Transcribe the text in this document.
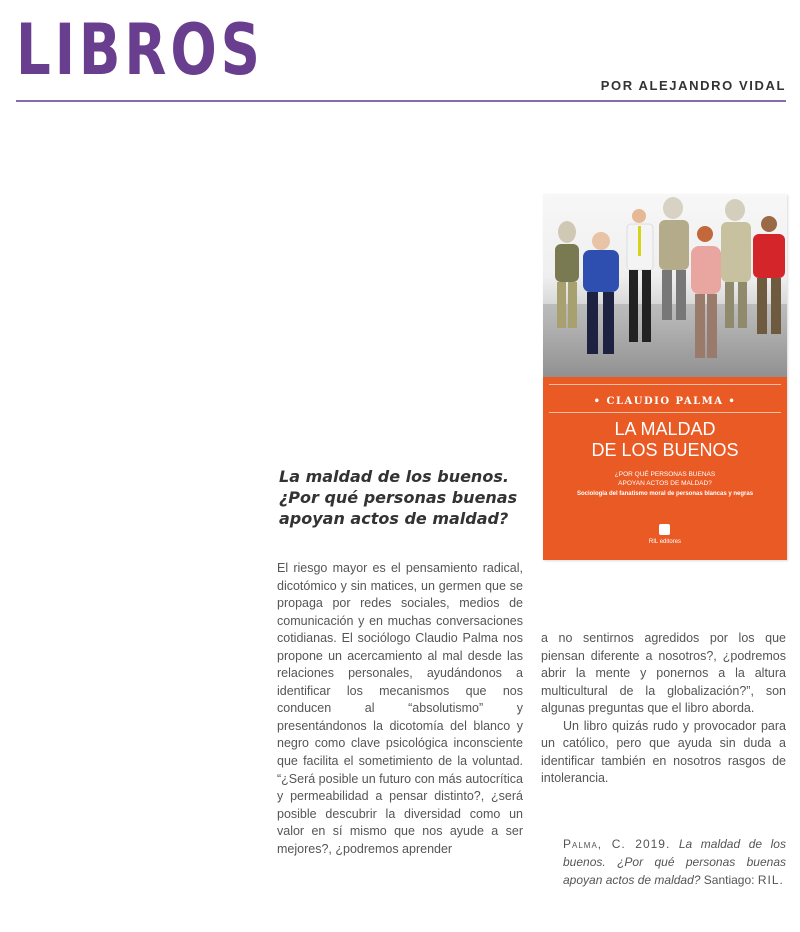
LIBROS	POR ALEJANDRO VIDAL
• CLAUDIO PALMA •
LA MALDAD
DE LOS BUENOS
¿POR QUÉ PERSONAS BUENAS
APOYAN ACTOS DE MALDAD?
Sociología del fanatismo moral de personas blancas y negras
RIL editores
La maldad de los buenos.
¿Por qué personas buenas
apoyan actos de maldad?

El riesgo mayor es el pensamiento radical, dicotómico y sin matices, un germen que se propaga por redes sociales, medios de comunicación y en muchas conversaciones cotidianas. El sociólogo Claudio Palma nos propone un acercamiento al mal desde las relaciones personales, ayudándonos a identificar los mecanismos que nos conducen al “absolutismo” y presentándonos la dicotomía del blanco y negro como clave psicológica inconsciente que facilita el sometimiento de la voluntad. “¿Será posible un futuro con más autocrítica y permeabilidad a pensar distinto?, ¿será posible descubrir la diversidad como un valor en sí mismo que nos ayude a ser mejores?, ¿podremos aprender

a no sentirnos agredidos por los que piensan diferente a nosotros?, ¿podremos abrir la mente y ponernos a la altura multicultural de la globalización?”, son algunas preguntas que el libro aborda.

Un libro quizás rudo y provocador para un católico, pero que ayuda sin duda a identificar también en nosotros rasgos de intolerancia.

Palma, C. 2019. La maldad de los buenos. ¿Por qué personas buenas apoyan actos de maldad? Santiago: RIL.
